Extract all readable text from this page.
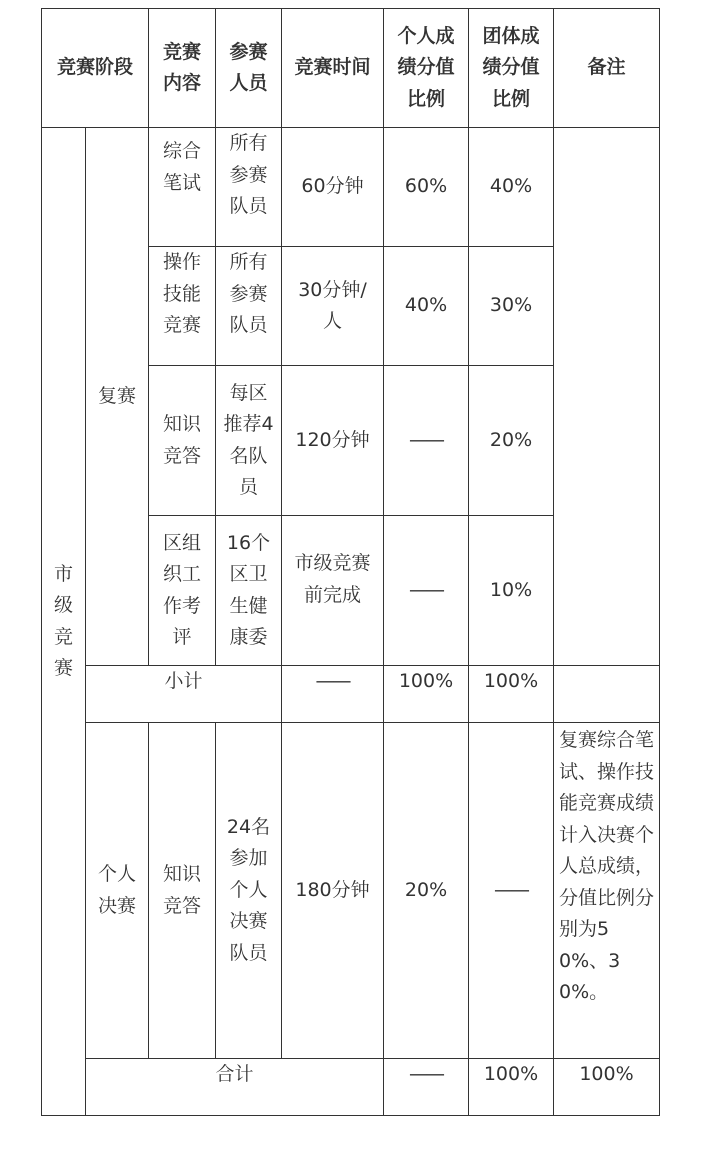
竞赛阶段		竞赛内容	参赛人员	竞赛时间	个人成绩分值比例	团体成绩分值比例	备注	
市级竞赛	复赛	综合笔试	所有参赛队员	60分钟	60%	40%		
		操作技能竞赛	所有参赛队员	30分钟/人	40%	30%		
		知识竞答	每区推荐4名队员	120分钟	——	20%		
		区组织工作考评	16个区卫生健康委	市级竞赛前完成	——	10%		
	小计			——	100%	100%		
	个人决赛	知识竞答	24名参加个人决赛队员	180分钟	20%	——	复赛综合笔试、操作技能竞赛成绩计入决赛个人总成绩，分值比例分别为50%、30%。	
	合计				——	100%	100%	
